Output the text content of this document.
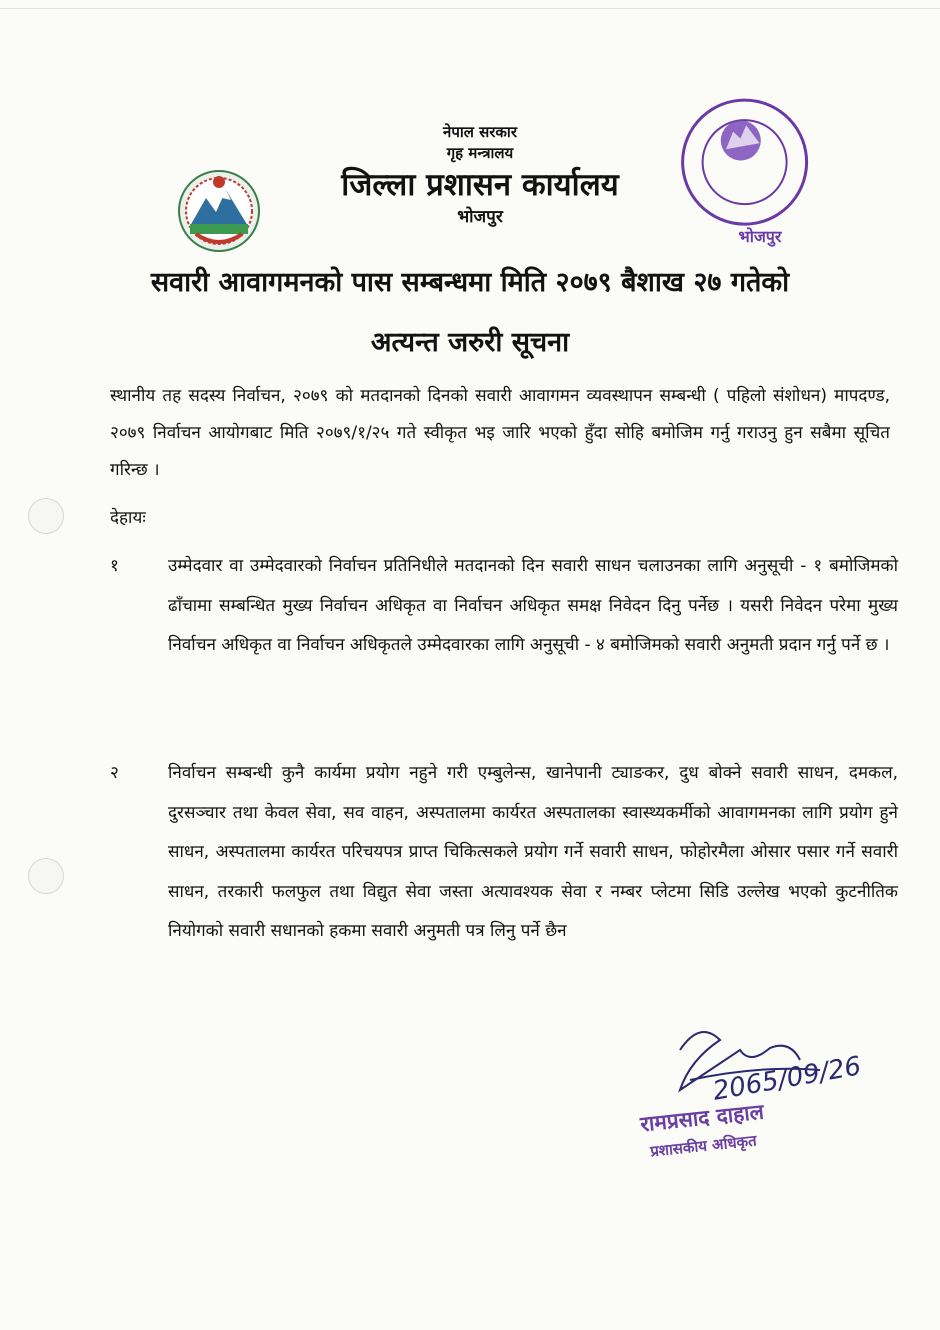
नेपाल सरकार
गृह मन्त्रालय
जिल्ला प्रशासन कार्यालय
भोजपुर
भोजपुर
सवारी आवागमनको पास सम्बन्धमा मिति २०७९ बैशाख २७ गतेको
अत्यन्त जरुरी सूचना
स्थानीय तह सदस्य निर्वाचन, २०७९ को मतदानको दिनको सवारी आवागमन व्यवस्थापन सम्बन्धी ( पहिलो संशोधन) मापदण्ड, २०७९ निर्वाचन आयोगबाट मिति २०७९/१/२५ गते स्वीकृत भइ जारि भएको हुँदा सोहि बमोजिम गर्नु गराउनु हुन सबैमा सूचित गरिन्छ ।
देहायः
१	उम्मेदवार वा उम्मेदवारको निर्वाचन प्रतिनिधीले मतदानको दिन सवारी साधन चलाउनका लागि अनुसूची - १ बमोजिमको ढाँचामा सम्बन्धित मुख्य निर्वाचन अधिकृत वा निर्वाचन अधिकृत समक्ष निवेदन दिनु पर्नेछ । यसरी निवेदन परेमा मुख्य निर्वाचन अधिकृत वा निर्वाचन अधिकृतले उम्मेदवारका लागि अनुसूची - ४ बमोजिमको सवारी अनुमती प्रदान गर्नु पर्ने छ ।
२	निर्वाचन सम्बन्धी कुनै कार्यमा प्रयोग नहुने गरी एम्बुलेन्स, खानेपानी ट्याङकर, दुध बोक्ने सवारी साधन, दमकल, दुरसञ्चार तथा केवल सेवा, सव वाहन, अस्पतालमा कार्यरत अस्पतालका स्वास्थ्यकर्मीको आवागमनका लागि प्रयोग हुने साधन, अस्पतालमा कार्यरत परिचयपत्र प्राप्त चिकित्सकले प्रयोग गर्ने सवारी साधन, फोहोरमैला ओसार पसार गर्ने सवारी साधन, तरकारी फलफुल तथा विद्युत सेवा जस्ता अत्यावश्यक सेवा र नम्बर प्लेटमा सिडि उल्लेख भएको कुटनीतिक नियोगको सवारी सधानको हकमा सवारी अनुमती पत्र लिनु पर्ने छैन
2065/09/26
रामप्रसाद दाहाल
प्रशासकीय अधिकृत
